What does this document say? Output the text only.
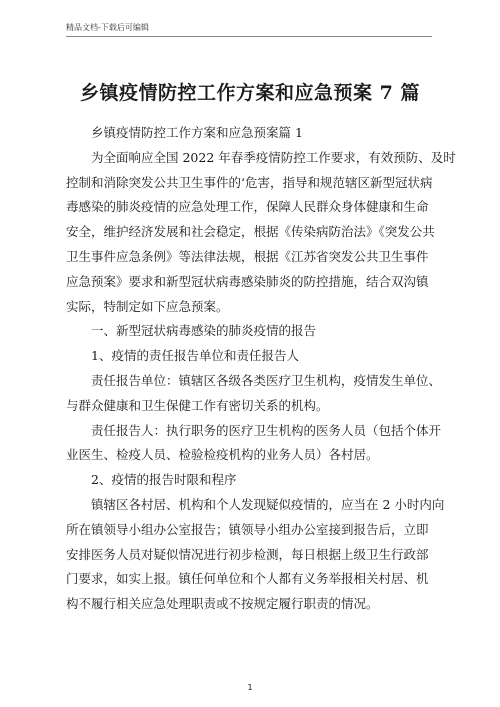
精品文档-下载后可编辑
乡镇疫情防控工作方案和应急预案 7 篇

乡镇疫情防控工作方案和应急预案篇 1

为全面响应全国 2022 年春季疫情防控工作要求，有效预防、及时
控制和消除突发公共卫生事件的‘危害，指导和规范辖区新型冠状病
毒感染的肺炎疫情的应急处理工作，保障人民群众身体健康和生命
安全，维护经济发展和社会稳定，根据《传染病防治法》《突发公共
卫生事件应急条例》等法律法规，根据《江苏省突发公共卫生事件
应急预案》要求和新型冠状病毒感染肺炎的防控措施，结合双沟镇
实际，特制定如下应急预案。

一、新型冠状病毒感染的肺炎疫情的报告

1、疫情的责任报告单位和责任报告人

责任报告单位：镇辖区各级各类医疗卫生机构，疫情发生单位、
与群众健康和卫生保健工作有密切关系的机构。

责任报告人：执行职务的医疗卫生机构的医务人员（包括个体开
业医生、检疫人员、检验检疫机构的业务人员）各村居。

2、疫情的报告时限和程序

镇辖区各村居、机构和个人发现疑似疫情的，应当在 2 小时内向
所在镇领导小组办公室报告；镇领导小组办公室接到报告后，立即
安排医务人员对疑似情况进行初步检测，每日根据上级卫生行政部
门要求，如实上报。镇任何单位和个人都有义务举报相关村居、机
构不履行相关应急处理职责或不按规定履行职责的情况。

1
